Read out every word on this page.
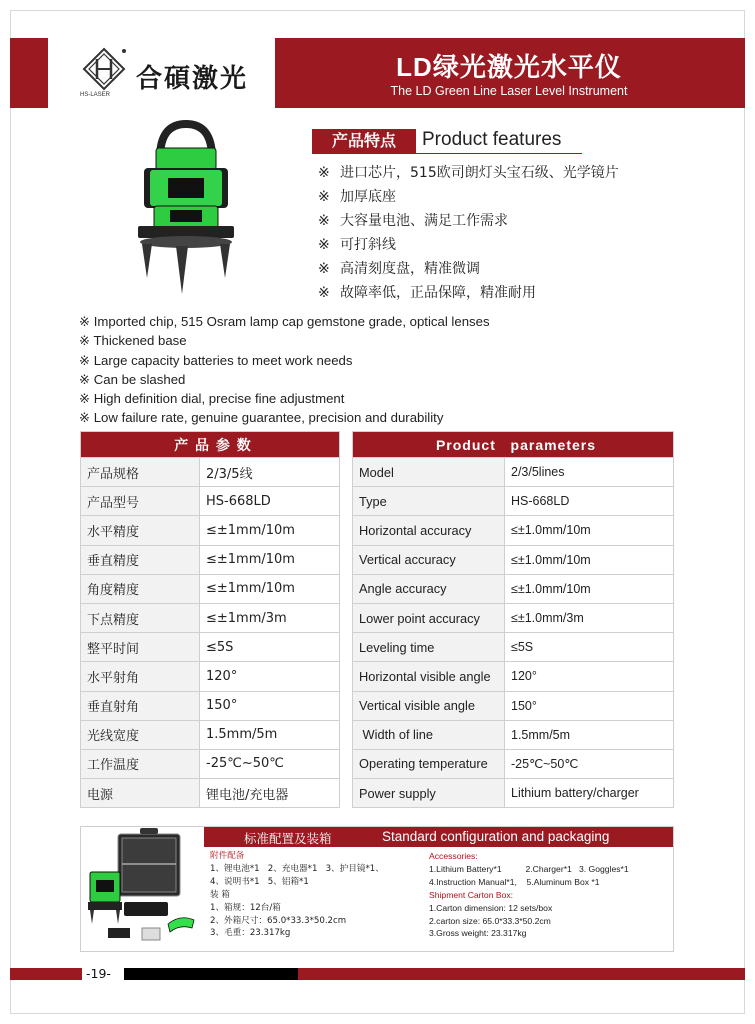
LD绿光激光水平仪
The LD Green Line Laser Level Instrument
HS-LASER
合碩激光
产品特点	Product features
※ 进口芯片，515欧司朗灯头宝石级、光学镜片
※ 加厚底座
※ 大容量电池、满足工作需求
※ 可打斜线
※ 高清刻度盘，精准微调
※ 故障率低，正品保障，精准耐用
※ Imported chip, 515 Osram lamp cap gemstone grade, optical lenses
※ Thickened base
※ Large capacity batteries to meet work needs
※ Can be slashed
※ High definition dial, precise fine adjustment
※ Low failure rate, genuine guarantee, precision and durability
产 品 参 数	
产品规格	2/3/5线
产品型号	HS-668LD
水平精度	≤±1mm/10m
垂直精度	≤±1mm/10m
角度精度	≤±1mm/10m
下点精度	≤±1mm/3m
整平时间	≤5S
水平射角	120°
垂直射角	150°
光线宽度	1.5mm/5m
工作温度	-25℃~50℃
电源	锂电池/充电器
Product   parameters	
Model	2/3/5lines
Type	HS-668LD
Horizontal accuracy	≤±1.0mm/10m
Vertical accuracy	≤±1.0mm/10m
Angle accuracy	≤±1.0mm/10m
Lower point accuracy	≤±1.0mm/3m
Leveling time	≤5S
Horizontal visible angle	120°
Vertical visible angle	150°
Width of line	1.5mm/5m
Operating temperature	-25℃~50℃
Power supply	Lithium battery/charger
标准配置及装箱	Standard configuration and packaging
附件配备
1、锂电池*1   2、充电器*1   3、护目镜*1、
4、说明书*1   5、铝箱*1
装 箱
1、箱规：12台/箱
2、外箱尺寸：65.0*33.3*50.2cm
3、毛重：23.317kg
Accessories:
1.Lithium Battery*1          2.Charger*1   3. Goggles*1
4.Instruction Manual*1,    5.Aluminum Box *1
Shipment Carton Box:
1.Carton dimension: 12 sets/box
2.carton size: 65.0*33.3*50.2cm
3.Gross weight: 23.317kg
-19-
